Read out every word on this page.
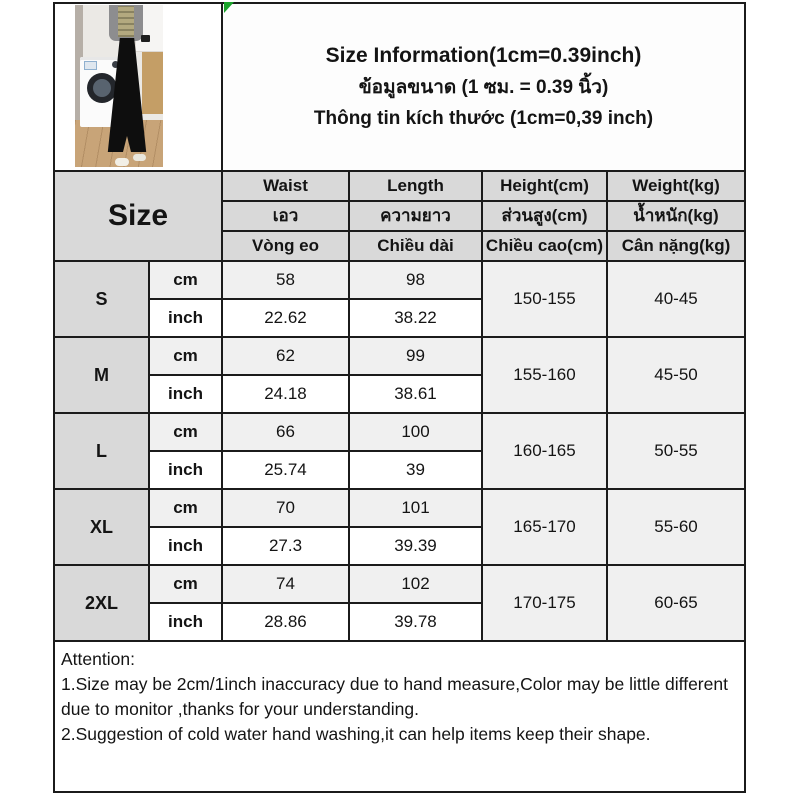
		Size Information(1cm=0.39inch)
ข้อมูลขนาด (1 ซม. = 0.39 นิ้ว)
Thông tin kích thước (1cm=0,39 inch)			

Size		Waist	Length	Height(cm)	Weight(kg)
		เอว	ความยาว	ส่วนสูง(cm)	น้ำหนัก(kg)
		Vòng eo	Chiều dài	Chiều cao(cm)	Cân nặng(kg)
S	cm	58	98	150-155	40-45
	inch	22.62	38.22		
M	cm	62	99	155-160	45-50
	inch	24.18	38.61		
L	cm	66	100	160-165	50-55
	inch	25.74	39		
XL	cm	70	101	165-170	55-60
	inch	27.3	39.39		
2XL	cm	74	102	170-175	60-65
	inch	28.86	39.78		

Attention:
1.Size may be 2cm/1inch inaccuracy due to hand measure,Color may be little different due to monitor ,thanks for your understanding.
2.Suggestion of cold water hand washing,it can help items keep their shape.					
